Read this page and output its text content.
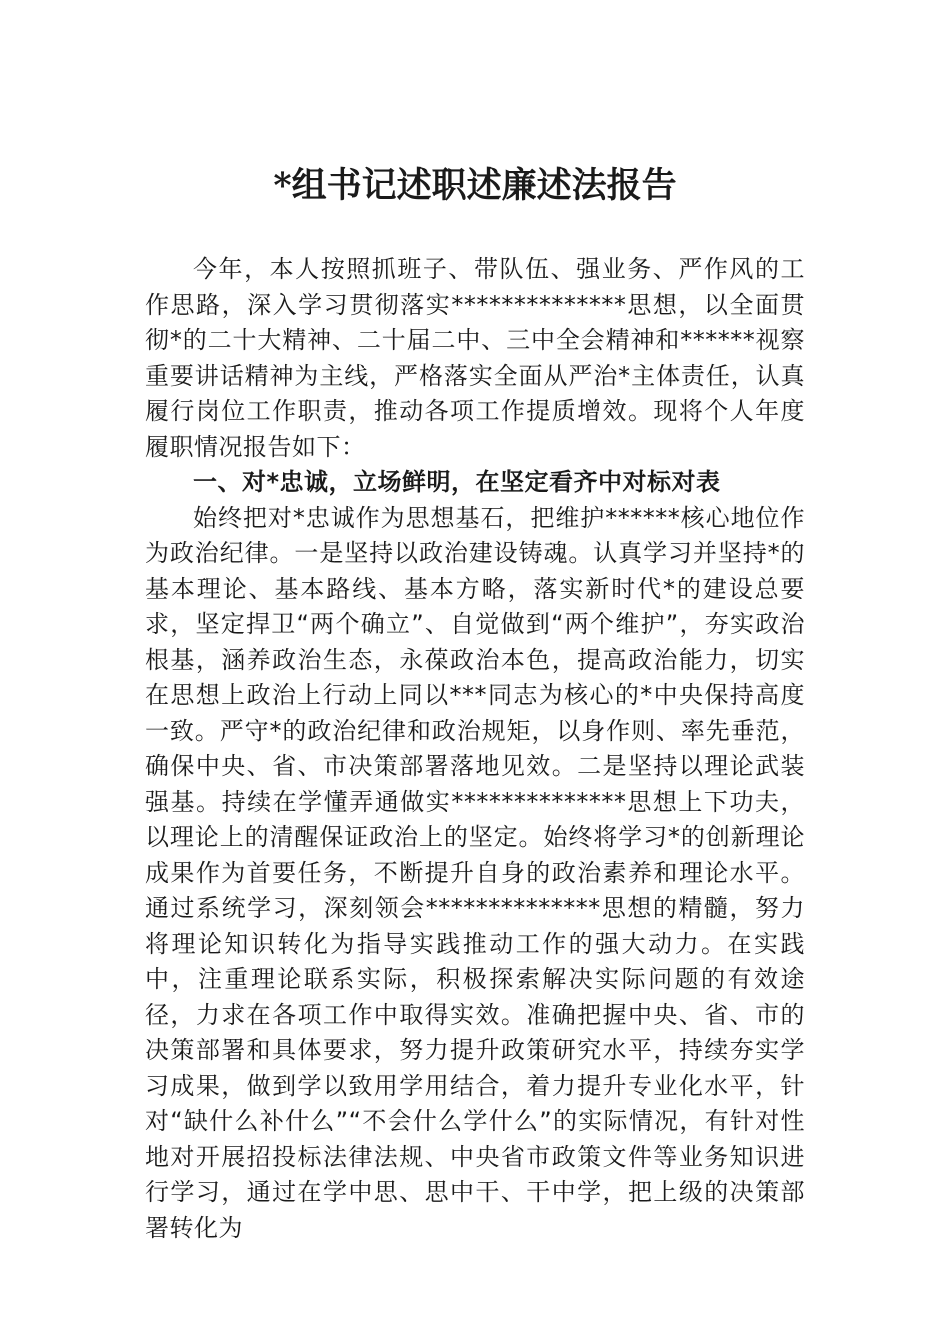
*组书记述职述廉述法报告

今年，本人按照抓班子、带队伍、强业务、严作风的工作思路，深入学习贯彻落实**************思想，以全面贯彻*的二十大精神、二十届二中、三中全会精神和******视察重要讲话精神为主线，严格落实全面从严治*主体责任，认真履行岗位工作职责，推动各项工作提质增效。现将个人年度履职情况报告如下：

一、对*忠诚，立场鲜明，在坚定看齐中对标对表

始终把对*忠诚作为思想基石，把维护******核心地位作为政治纪律。一是坚持以政治建设铸魂。认真学习并坚持*的基本理论、基本路线、基本方略，落实新时代*的建设总要求，坚定捍卫“两个确立”、自觉做到“两个维护”，夯实政治根基，涵养政治生态，永葆政治本色，提高政治能力，切实在思想上政治上行动上同以***同志为核心的*中央保持高度一致。严守*的政治纪律和政治规矩，以身作则、率先垂范，确保中央、省、市决策部署落地见效。二是坚持以理论武装强基。持续在学懂弄通做实**************思想上下功夫，以理论上的清醒保证政治上的坚定。始终将学习*的创新理论成果作为首要任务，不断提升自身的政治素养和理论水平。通过系统学习，深刻领会**************思想的精髓，努力将理论知识转化为指导实践推动工作的强大动力。在实践中，注重理论联系实际，积极探索解决实际问题的有效途径，力求在各项工作中取得实效。准确把握中央、省、市的决策部署和具体要求，努力提升政策研究水平，持续夯实学习成果，做到学以致用学用结合，着力提升专业化水平，针对“缺什么补什么”“不会什么学什么”的实际情况，有针对性地对开展招投标法律法规、中央省市政策文件等业务知识进行学习，通过在学中思、思中干、干中学，把上级的决策部署转化为
